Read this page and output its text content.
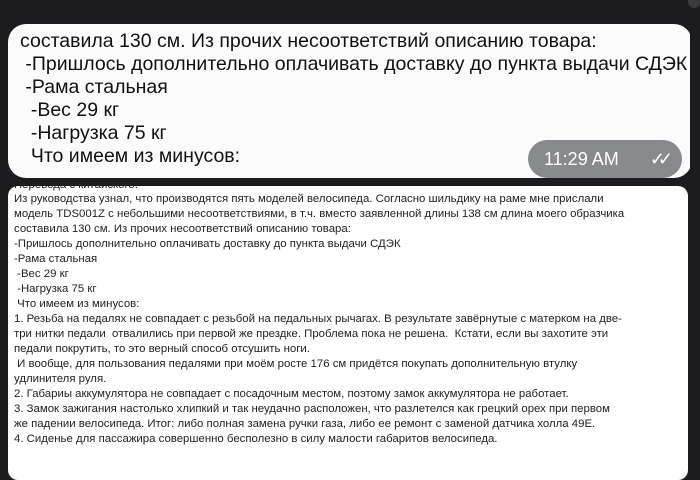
составила 130 см. Из прочих несоответствий описанию товара:
-Пришлось дополнительно оплачивать доставку до пункта выдачи СДЭК
-Рама стальная
-Вес 29 кг
-Нагрузка 75 кг
Что имеем из минусов:	11:29 AM ✓✓
Перевода с китайского.
Из руководства узнал, что производятся пять моделей велосипеда. Согласно шильдику на раме мне прислали
модель TDS001Z с небольшими несоответствиями, в т.ч. вместо заявленной длины 138 см длина моего образчика
составила 130 см. Из прочих несоответствий описанию товара:
-Пришлось дополнительно оплачивать доставку до пункта выдачи СДЭК
-Рама стальная
-Вес 29 кг
-Нагрузка 75 кг
Что имеем из минусов:
1. Резьба на педалях не совпадает с резьбой на педальных рычагах. В результате завёрнутые с матерком на две-
три нитки педали  отвалились при первой же прездке. Проблема пока не решена.  Кстати, если вы захотите эти
педали покрутить, то это верный способ отсушить ноги.
И вообще, для пользования педалями при моём росте 176 см придётся покупать дополнительную втулку
удлинителя руля.
2. Габариы аккумулятора не совпадает с посадочным местом, поэтому замок аккумулятора не работает.
3. Замок зажигания настолько хлипкий и так неудачно расположен, что разлетелся как грецкий орех при первом
же падении велосипеда. Итог: либо полная замена ручки газа, либо ее ремонт с заменой датчика холла 49Е.
4. Сиденье для пассажира совершенно бесполезно в силу малости габаритов велосипеда.
